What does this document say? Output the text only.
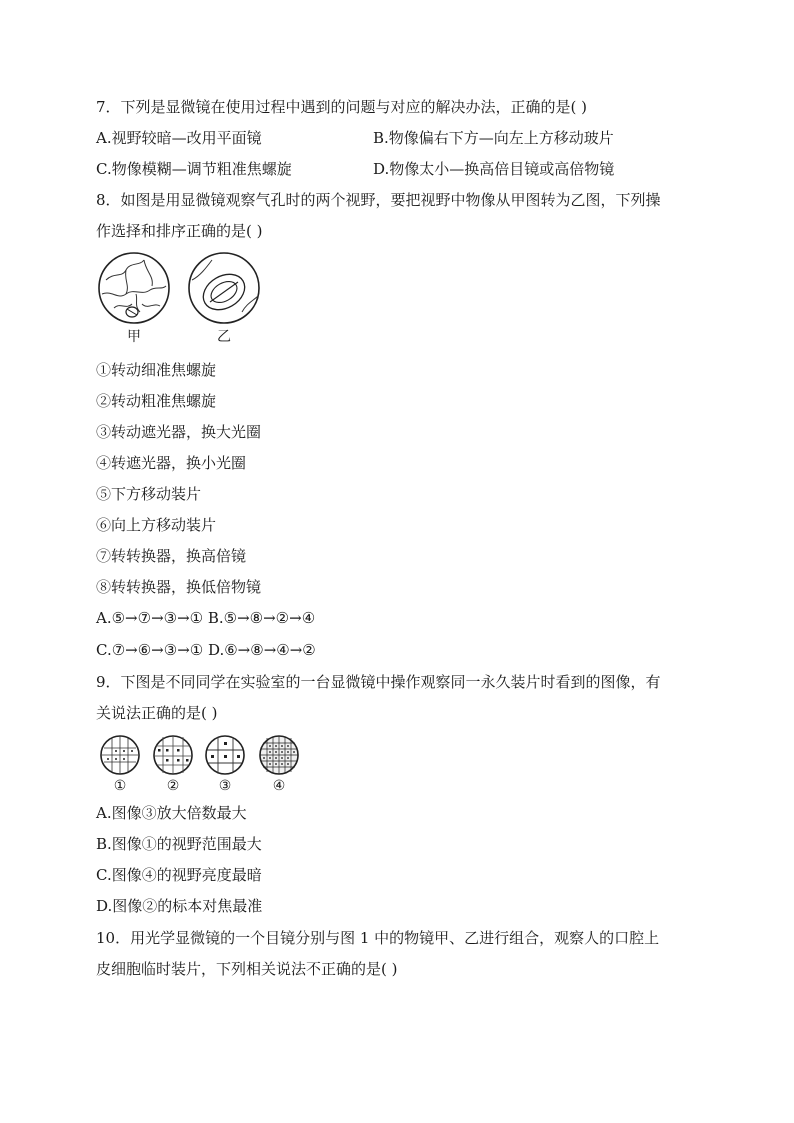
7．下列是显微镜在使用过程中遇到的问题与对应的解决办法，正确的是( )
A.视野较暗—改用平面镜	B.物像偏右下方—向左上方移动玻片
C.物像模糊—调节粗准焦螺旋	D.物像太小—换高倍目镜或高倍物镜
8．如图是用显微镜观察气孔时的两个视野，要把视野中物像从甲图转为乙图，下列操
作选择和排序正确的是( )
甲	乙
①转动细准焦螺旋
②转动粗准焦螺旋
③转动遮光器，换大光圈
④转遮光器，换小光圈
⑤下方移动装片
⑥向上方移动装片
⑦转转换器，换高倍镜
⑧转转换器，换低倍物镜
A.⑤→⑦→③→① B.⑤→⑧→②→④
C.⑦→⑥→③→① D.⑥→⑧→④→②
9．下图是不同同学在实验室的一台显微镜中操作观察同一永久装片时看到的图像，有
关说法正确的是( )
①	②	③	④
A.图像③放大倍数最大
B.图像①的视野范围最大
C.图像④的视野亮度最暗
D.图像②的标本对焦最准
10．用光学显微镜的一个目镜分别与图 1 中的物镜甲、乙进行组合，观察人的口腔上
皮细胞临时装片，下列相关说法不正确的是( )
